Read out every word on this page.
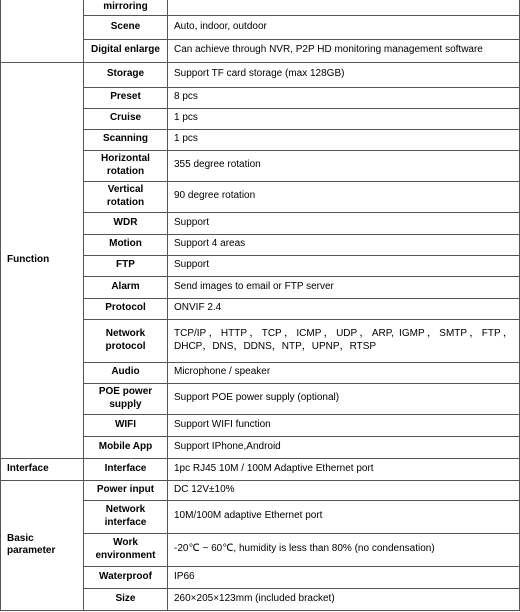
	mirroring	
	Scene	Auto, indoor, outdoor
	Digital enlarge	Can achieve through NVR, P2P HD monitoring management software
Function	Storage	Support TF card storage (max 128GB)
	Preset	8 pcs
	Cruise	1 pcs
	Scanning	1 pcs
	Horizontal rotation	355 degree rotation
	Vertical rotation	90 degree rotation
	WDR	Support
	Motion	Support 4 areas
	FTP	Support
	Alarm	Send images to email or FTP server
	Protocol	ONVIF 2.4
	Network protocol	TCP/IP，HTTP，TCP，ICMP，UDP，ARP, IGMP，SMTP，FTP，DHCP，DNS，DDNS，NTP，UPNP，RTSP
	Audio	Microphone / speaker
	POE power supply	Support POE power supply (optional)
	WIFI	Support WIFI function
	Mobile App	Support IPhone,Android
Interface	Interface	1pc RJ45 10M / 100M Adaptive Ethernet port
Basic parameter	Power input	DC 12V±10%
	Network interface	10M/100M adaptive Ethernet port
	Work environment	-20℃ ~ 60℃, humidity is less than 80% (no condensation)
	Waterproof	IP66
	Size	260×205×123mm (included bracket)
